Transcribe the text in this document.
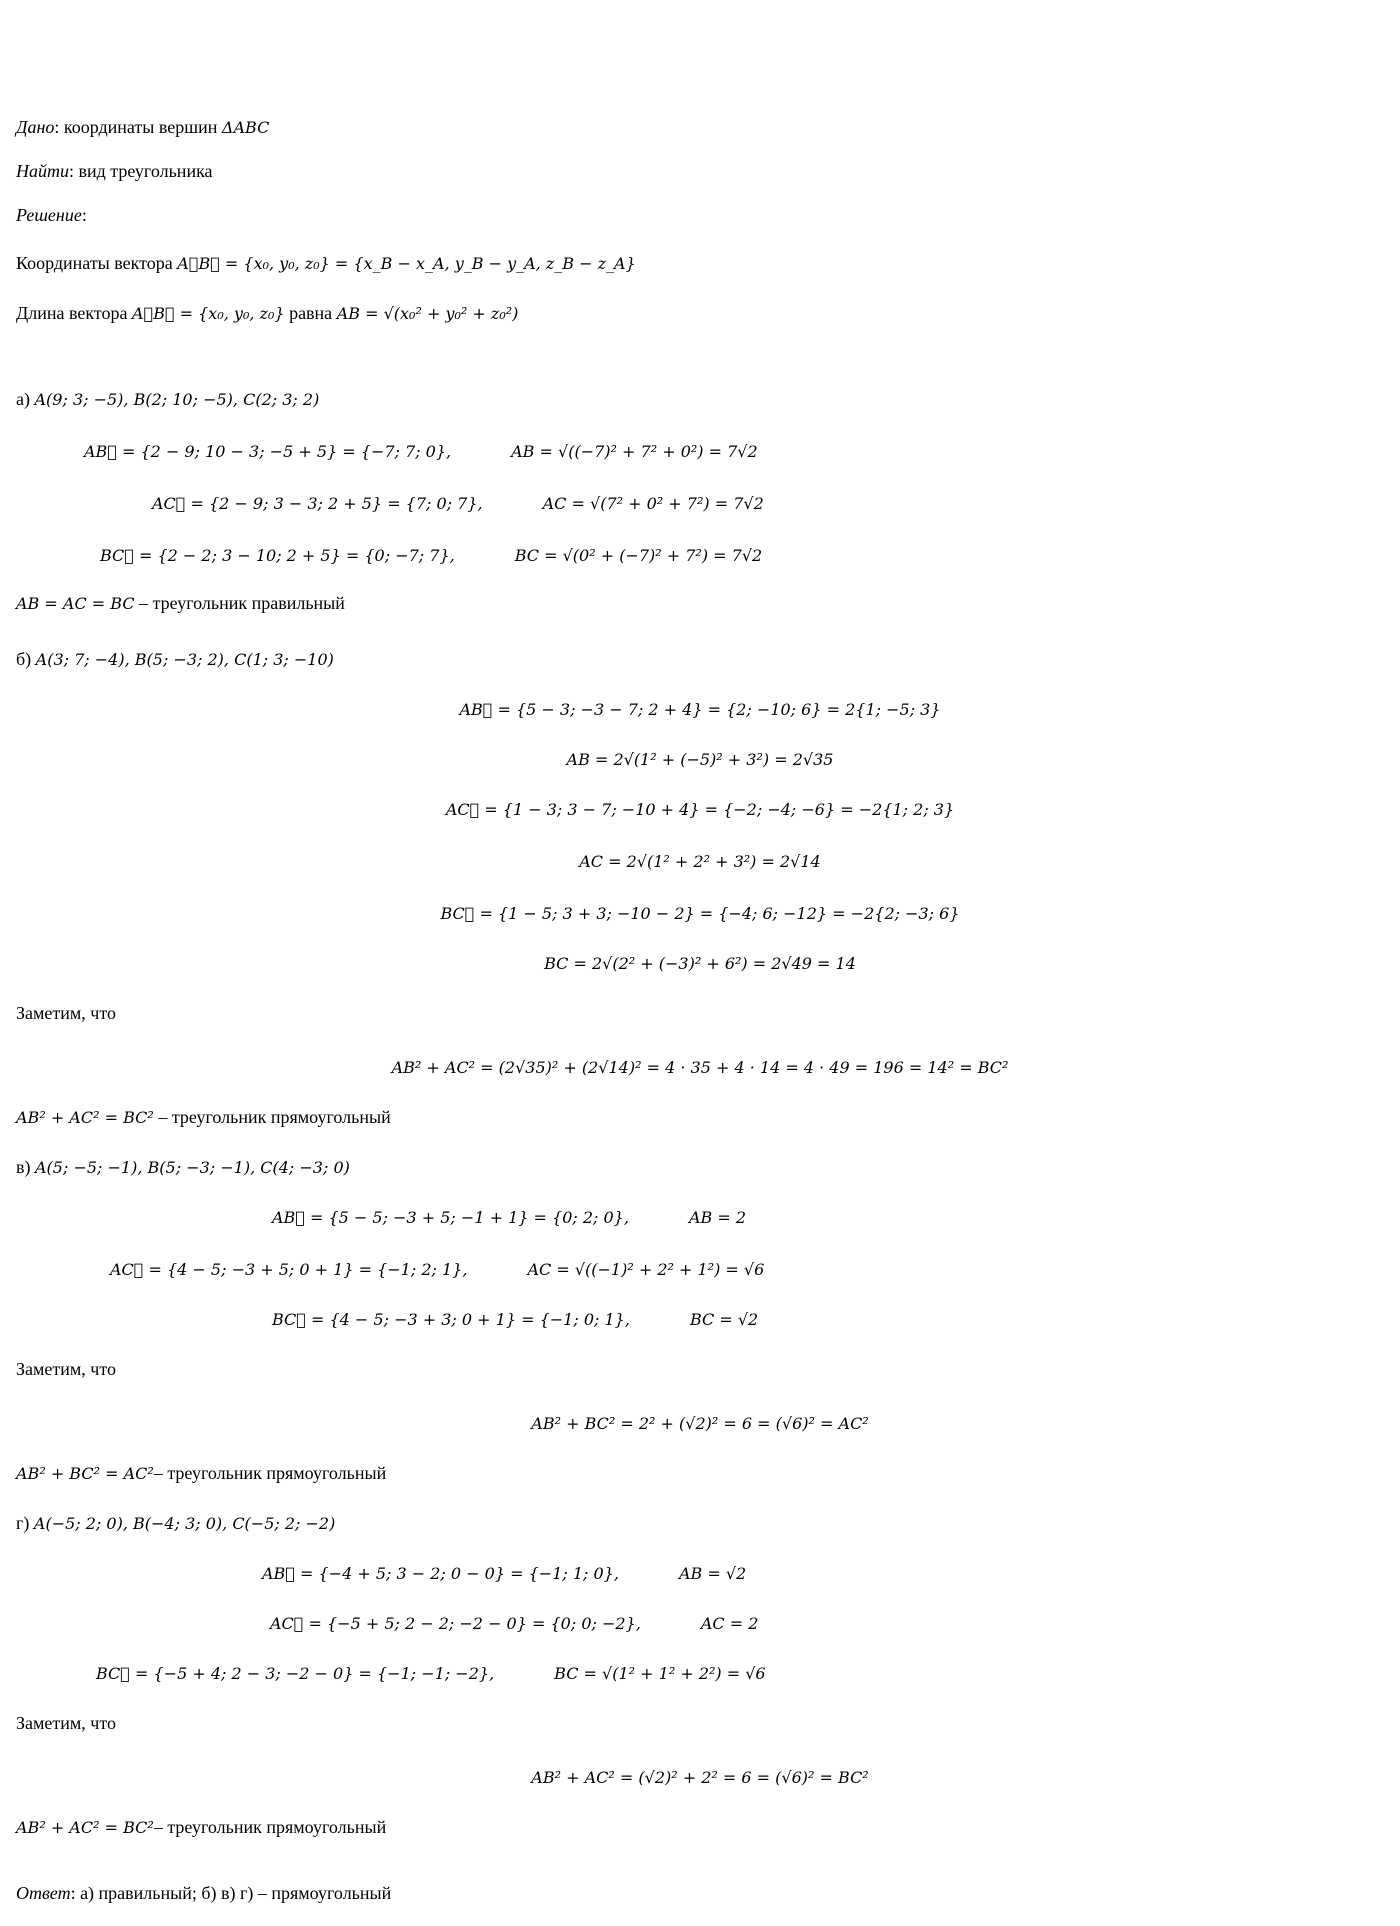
Дано: координаты вершин ΔABC
Найти: вид треугольника
Решение:
Координаты вектора A⃗B⃗ = {x₀, y₀, z₀} = {x_B − x_A, y_B − y_A, z_B − z_A}
Длина вектора A⃗B⃗ = {x₀, y₀, z₀} равна AB = √(x₀² + y₀² + z₀²)
а) A(9; 3; −5), B(2; 10; −5), C(2; 3; 2)
AB⃗ = {2 − 9; 10 − 3; −5 + 5} = {−7; 7; 0},	AB = √((−7)² + 7² + 0²) = 7√2
AC⃗ = {2 − 9; 3 − 3; 2 + 5} = {7; 0; 7},	AC = √(7² + 0² + 7²) = 7√2
BC⃗ = {2 − 2; 3 − 10; 2 + 5} = {0; −7; 7},	BC = √(0² + (−7)² + 7²) = 7√2
AB = AC = BC – треугольник правильный
б) A(3; 7; −4), B(5; −3; 2), C(1; 3; −10)
AB⃗ = {5 − 3; −3 − 7; 2 + 4} = {2; −10; 6} = 2{1; −5; 3}
AB = 2√(1² + (−5)² + 3²) = 2√35
AC⃗ = {1 − 3; 3 − 7; −10 + 4} = {−2; −4; −6} = −2{1; 2; 3}
AC = 2√(1² + 2² + 3²) = 2√14
BC⃗ = {1 − 5; 3 + 3; −10 − 2} = {−4; 6; −12} = −2{2; −3; 6}
BC = 2√(2² + (−3)² + 6²) = 2√49 = 14
Заметим, что
AB² + AC² = (2√35)² + (2√14)² = 4 · 35 + 4 · 14 = 4 · 49 = 196 = 14² = BC²
AB² + AC² = BC² – треугольник прямоугольный
в) A(5; −5; −1), B(5; −3; −1), C(4; −3; 0)
AB⃗ = {5 − 5; −3 + 5; −1 + 1} = {0; 2; 0},	AB = 2
AC⃗ = {4 − 5; −3 + 5; 0 + 1} = {−1; 2; 1},	AC = √((−1)² + 2² + 1²) = √6
BC⃗ = {4 − 5; −3 + 3; 0 + 1} = {−1; 0; 1},	BC = √2
Заметим, что
AB² + BC² = 2² + (√2)² = 6 = (√6)² = AC²
AB² + BC² = AC²– треугольник прямоугольный
г) A(−5; 2; 0), B(−4; 3; 0), C(−5; 2; −2)
AB⃗ = {−4 + 5; 3 − 2; 0 − 0} = {−1; 1; 0},	AB = √2
AC⃗ = {−5 + 5; 2 − 2; −2 − 0} = {0; 0; −2},	AC = 2
BC⃗ = {−5 + 4; 2 − 3; −2 − 0} = {−1; −1; −2},	BC = √(1² + 1² + 2²) = √6
Заметим, что
AB² + AC² = (√2)² + 2² = 6 = (√6)² = BC²
AB² + AC² = BC²– треугольник прямоугольный
Ответ: а) правильный; б) в) г) – прямоугольный
